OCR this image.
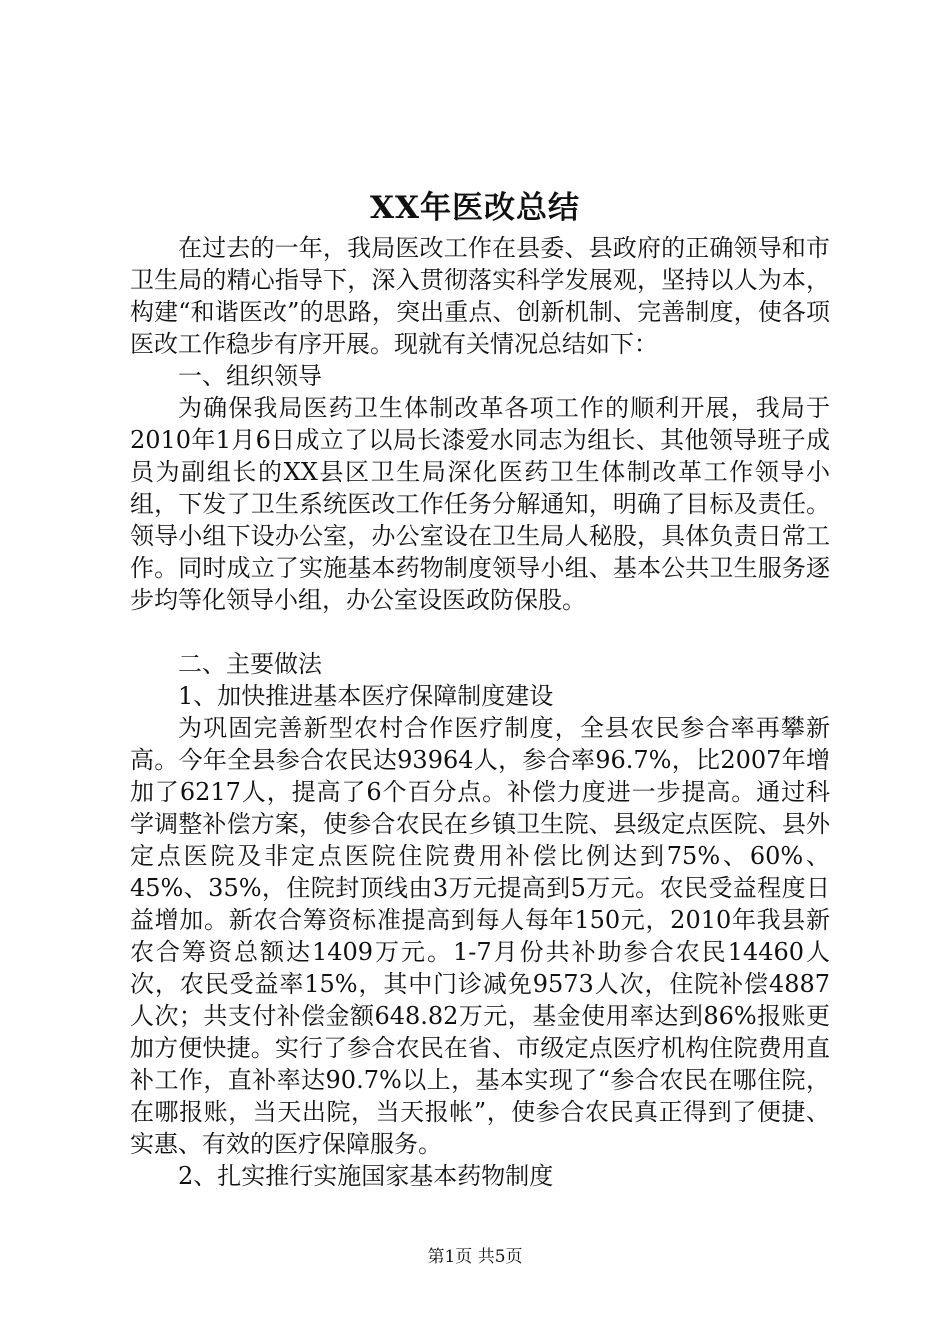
XX年医改总结

在过去的一年，我局医改工作在县委、县政府的正确领导和市卫生局的精心指导下，深入贯彻落实科学发展观，坚持以人为本，构建“和谐医改”的思路，突出重点、创新机制、完善制度，使各项医改工作稳步有序开展。现就有关情况总结如下：

一、组织领导

为确保我局医药卫生体制改革各项工作的顺利开展，我局于2010年1月6日成立了以局长漆爱水同志为组长、其他领导班子成员为副组长的XX县区卫生局深化医药卫生体制改革工作领导小组，下发了卫生系统医改工作任务分解通知，明确了目标及责任。领导小组下设办公室，办公室设在卫生局人秘股，具体负责日常工作。同时成立了实施基本药物制度领导小组、基本公共卫生服务逐步均等化领导小组，办公室设医政防保股。

二、主要做法

1、加快推进基本医疗保障制度建设

为巩固完善新型农村合作医疗制度，全县农民参合率再攀新高。今年全县参合农民达93964人，参合率96.7%，比2007年增加了6217人，提高了6个百分点。补偿力度进一步提高。通过科学调整补偿方案，使参合农民在乡镇卫生院、县级定点医院、县外定点医院及非定点医院住院费用补偿比例达到75%、60%、45%、35%，住院封顶线由3万元提高到5万元。农民受益程度日益增加。新农合筹资标准提高到每人每年150元，2010年我县新农合筹资总额达1409万元。1-7月份共补助参合农民14460人次，农民受益率15%，其中门诊减免9573人次，住院补偿4887人次；共支付补偿金额648.82万元，基金使用率达到86%报账更加方便快捷。实行了参合农民在省、市级定点医疗机构住院费用直补工作，直补率达90.7%以上，基本实现了“参合农民在哪住院，在哪报账，当天出院，当天报帐”，使参合农民真正得到了便捷、实惠、有效的医疗保障服务。

2、扎实推行实施国家基本药物制度

第1页 共5页
